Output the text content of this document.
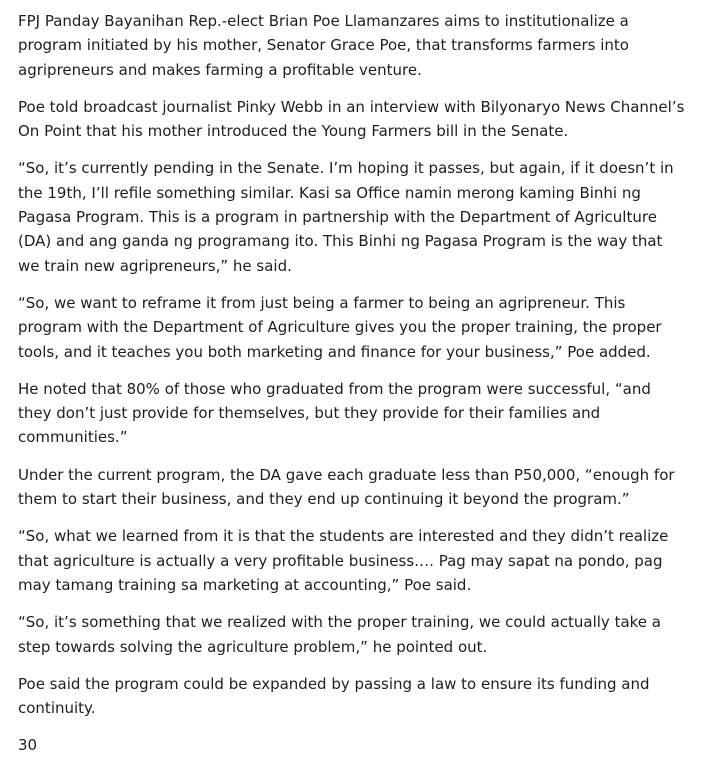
FPJ Panday Bayanihan Rep.-elect Brian Poe Llamanzares aims to institutionalize a program initiated by his mother, Senator Grace Poe, that transforms farmers into agripreneurs and makes farming a profitable venture.

Poe told broadcast journalist Pinky Webb in an interview with Bilyonaryo News Channel’s On Point that his mother introduced the Young Farmers bill in the Senate.

“So, it’s currently pending in the Senate. I’m hoping it passes, but again, if it doesn’t in the 19th, I’ll refile something similar. Kasi sa Office namin merong kaming Binhi ng Pagasa Program. This is a program in partnership with the Department of Agriculture (DA) and ang ganda ng programang ito. This Binhi ng Pagasa Program is the way that we train new agripreneurs,” he said.

“So, we want to reframe it from just being a farmer to being an agripreneur. This program with the Department of Agriculture gives you the proper training, the proper tools, and it teaches you both marketing and finance for your business,” Poe added.

He noted that 80% of those who graduated from the program were successful, “and they don’t just provide for themselves, but they provide for their families and communities.”

Under the current program, the DA gave each graduate less than P50,000, “enough for them to start their business, and they end up continuing it beyond the program.”

“So, what we learned from it is that the students are interested and they didn’t realize that agriculture is actually a very profitable business…. Pag may sapat na pondo, pag may tamang training sa marketing at accounting,” Poe said.

“So, it’s something that we realized with the proper training, we could actually take a step towards solving the agriculture problem,” he pointed out.

Poe said the program could be expanded by passing a law to ensure its funding and continuity.

30
